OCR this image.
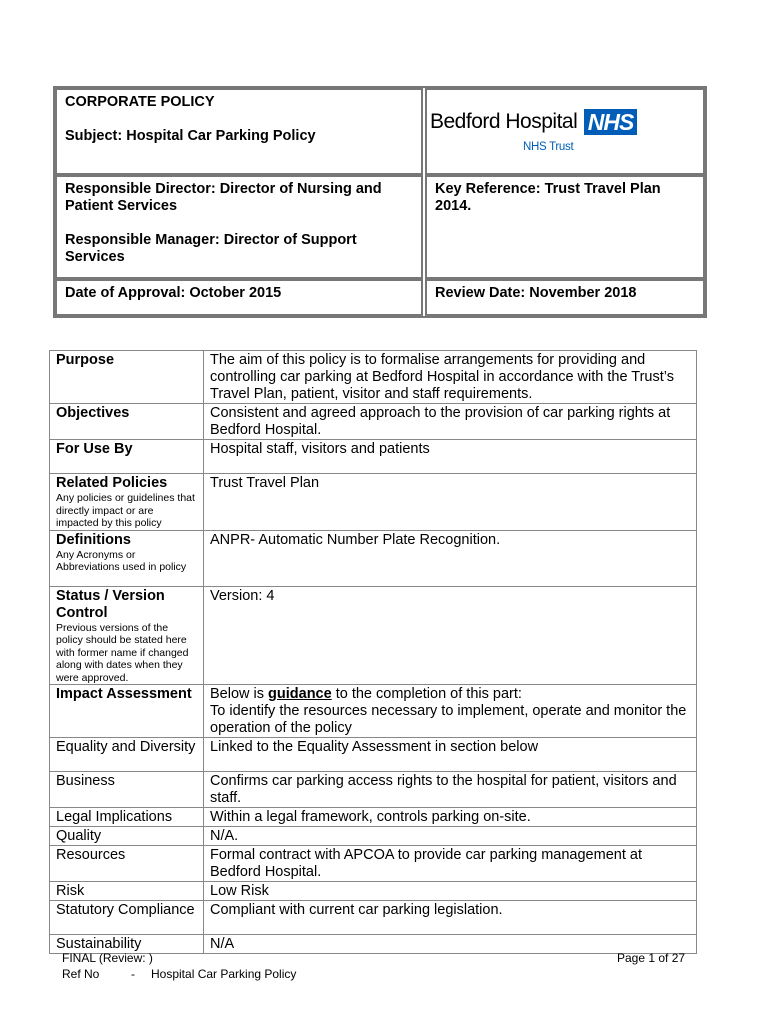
CORPORATE POLICY
Subject: Hospital Car Parking Policy
Bedford Hospital NHS
NHS Trust
Responsible Director: Director of Nursing and Patient Services
Responsible Manager: Director of Support Services
Key Reference: Trust Travel Plan 2014.
Date of Approval: October 2015	Review Date: November 2018
Purpose	The aim of this policy is to formalise arrangements for providing and controlling car parking at Bedford Hospital in accordance with the Trust’s Travel Plan, patient, visitor and staff requirements.
Objectives	Consistent and agreed approach to the provision of car parking rights at Bedford Hospital.
For Use By	Hospital staff, visitors and patients

Related Policies
Any policies or guidelines that directly impact or are impacted by this policy	Trust Travel Plan

Definitions
Any Acronyms or Abbreviations used in policy	ANPR- Automatic Number Plate Recognition.

Status / Version Control
Previous versions of the policy should be stated here with former name if changed along with dates when they were approved.	Version: 4
Impact Assessment	Below is guidance to the completion of this part:
To identify the resources necessary to implement, operate and monitor the operation of the policy

Equality and Diversity	Linked to the Equality Assessment in section below
Business	Confirms car parking access rights to the hospital for patient, visitors and staff.
Legal Implications	Within a legal framework, controls parking on-site.
Quality	N/A.
Resources	Formal contract with APCOA to provide car parking management at Bedford Hospital.
Risk	Low Risk
Statutory Compliance	Compliant with current car parking legislation.
Sustainability	N/A
FINAL (Review: )
Ref No	- Hospital Car Parking Policy
Page 1 of 27
